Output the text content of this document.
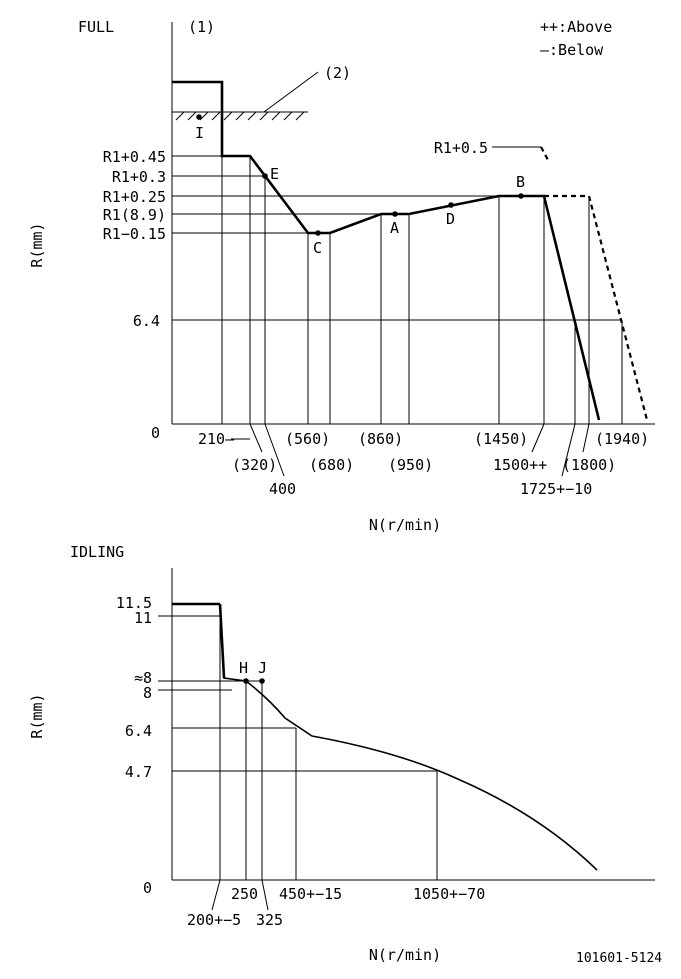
FULL	(1)	++:Above
—:Below
R(mm)
N(r/min)
R1+0.45
R1+0.3
R1+0.25
R1(8.9)
R1−0.15
6.4
0
R1+0.5
(2)
I
E
C
A	D
B
210—
(320)
400
(560)
(680)
(860)
(950)
(1450)
1500++
1725+−10
(1800)
(1940)
IDLING
R(mm)
N(r/min)
11.5
11
≈8
8
6.4
4.7
0
H J
200+−5
250
325
450+−15	1050+−70
101601-5124
